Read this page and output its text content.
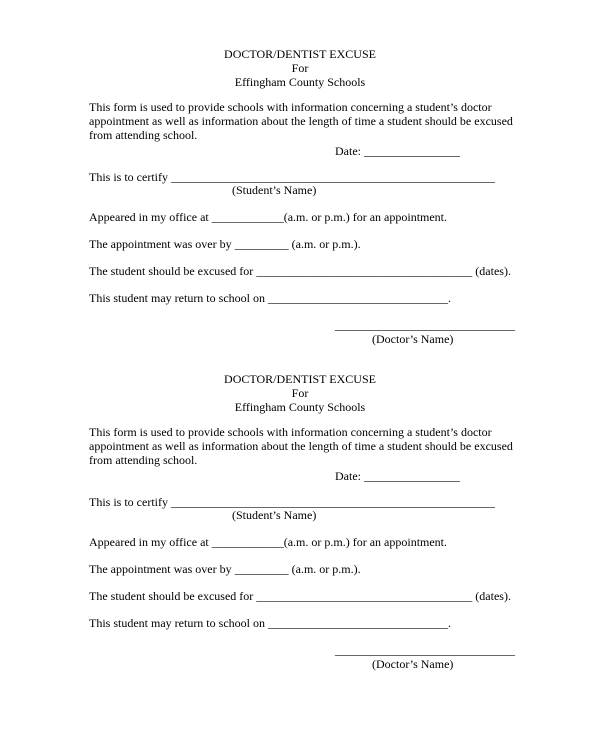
DOCTOR/DENTIST EXCUSE
For
Effingham County Schools
This form is used to provide schools with information concerning a student’s doctor
appointment as well as information about the length of time a student should be excused
from attending school.
Date: ________________
This is to certify ______________________________________________________
(Student’s Name)
Appeared in my office at ____________(a.m. or p.m.) for an appointment.
The appointment was over by _________ (a.m. or p.m.).
The student should be excused for ____________________________________ (dates).
This student may return to school on ______________________________.
______________________________
(Doctor’s Name)
DOCTOR/DENTIST EXCUSE
For
Effingham County Schools
This form is used to provide schools with information concerning a student’s doctor
appointment as well as information about the length of time a student should be excused
from attending school.
Date: ________________
This is to certify ______________________________________________________
(Student’s Name)
Appeared in my office at ____________(a.m. or p.m.) for an appointment.
The appointment was over by _________ (a.m. or p.m.).
The student should be excused for ____________________________________ (dates).
This student may return to school on ______________________________.
______________________________
(Doctor’s Name)
